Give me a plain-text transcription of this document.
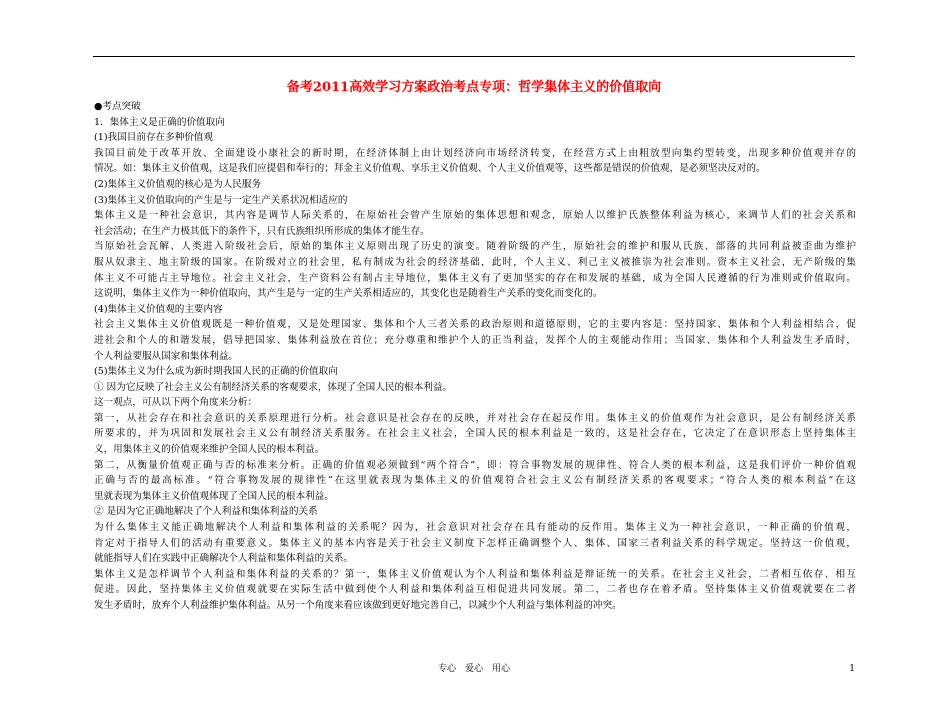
备考2011高效学习方案政治考点专项：哲学集体主义的价值取向
●考点突破
1．集体主义是正确的价值取向
(1)我国目前存在多种价值观
我国目前处于改革开放、全面建设小康社会的新时期，在经济体制上由计划经济向市场经济转变，在经营方式上由粗放型向集约型转变，出现多种价值观并存的
情况。如：集体主义价值观，这是我们应提倡和奉行的；拜金主义价值观、享乐主义价值观、个人主义价值观等，这些都是错误的价值观，是必须坚决反对的。
(2)集体主义价值观的核心是为人民服务
(3)集体主义价值取向的产生是与一定生产关系状况相适应的
集体主义是一种社会意识，其内容是调节人际关系的，在原始社会曾产生原始的集体思想和观念，原始人以维护氏族整体利益为核心，来调节人们的社会关系和
社会活动；在生产力极其低下的条件下，只有氏族组织所形成的集体才能生存。
当原始社会瓦解、人类进入阶级社会后，原始的集体主义原则出现了历史的演变。随着阶级的产生，原始社会的维护和服从氏族、部落的共同利益被歪曲为维护
服从奴隶主、地主阶级的国家。在阶级对立的社会里，私有制成为社会的经济基础，此时，个人主义、利己主义被推崇为社会准则。资本主义社会，无产阶级的集
体主义不可能占主导地位。社会主义社会，生产资料公有制占主导地位，集体主义有了更加坚实的存在和发展的基础，成为全国人民遵循的行为准则或价值取向。
这说明，集体主义作为一种价值取向，其产生是与一定的生产关系相适应的，其变化也是随着生产关系的变化而变化的。
(4)集体主义价值观的主要内容
社会主义集体主义价值观既是一种价值观，又是处理国家、集体和个人三者关系的政治原则和道德原则，它的主要内容是：坚持国家、集体和个人利益相结合，促
进社会和个人的和谐发展，倡导把国家、集体利益放在首位；充分尊重和维护个人的正当利益，发挥个人的主观能动作用；当国家、集体和个人利益发生矛盾时，
个人利益要服从国家和集体利益。
(5)集体主义为什么成为新时期我国人民的正确的价值取向
① 因为它反映了社会主义公有制经济关系的客观要求，体现了全国人民的根本利益。
这一观点，可从以下两个角度来分析：
第一，从社会存在和社会意识的关系原理进行分析。社会意识是社会存在的反映，并对社会存在起反作用。集体主义的价值观作为社会意识，是公有制经济关系
所要求的，并为巩固和发展社会主义公有制经济关系服务。在社会主义社会，全国人民的根本利益是一致的，这是社会存在，它决定了在意识形态上坚持集体主
义，用集体主义的价值观来维护全国人民的根本利益。
第二，从衡量价值观正确与否的标准来分析。正确的价值观必须做到“两个符合”，即：符合事物发展的规律性、符合人类的根本利益，这是我们评价一种价值观
正确与否的最高标准。“符合事物发展的规律性”在这里就表现为集体主义的价值观符合社会主义公有制经济关系的客观要求；“符合人类的根本利益”在这
里就表现为集体主义价值观体现了全国人民的根本利益。
② 是因为它正确地解决了个人利益和集体利益的关系
为什么集体主义能正确地解决个人利益和集体利益的关系呢？因为，社会意识对社会存在具有能动的反作用。集体主义为一种社会意识，一种正确的价值观，
肯定对于指导人们的活动有重要意义。集体主义的基本内容是关于社会主义制度下怎样正确调整个人、集体、国家三者利益关系的科学规定。坚持这一价值观，
就能指导人们在实践中正确解决个人利益和集体利益的关系。
集体主义是怎样调节个人利益和集体利益的关系的？第一，集体主义价值观认为个人利益和集体利益是辩证统一的关系。在社会主义社会，二者相互依存、相互
促进。因此，坚持集体主义价值观就要在实际生活中做到使个人利益和集体利益互相促进共同发展。第二，二者也存在着矛盾。坚持集体主义价值观就要在二者
发生矛盾时，放弃个人利益维护集体利益。从另一个角度来看应该做到更好地完善自己，以减少个人利益与集体利益的冲突。
专心　爱心　用心	1
